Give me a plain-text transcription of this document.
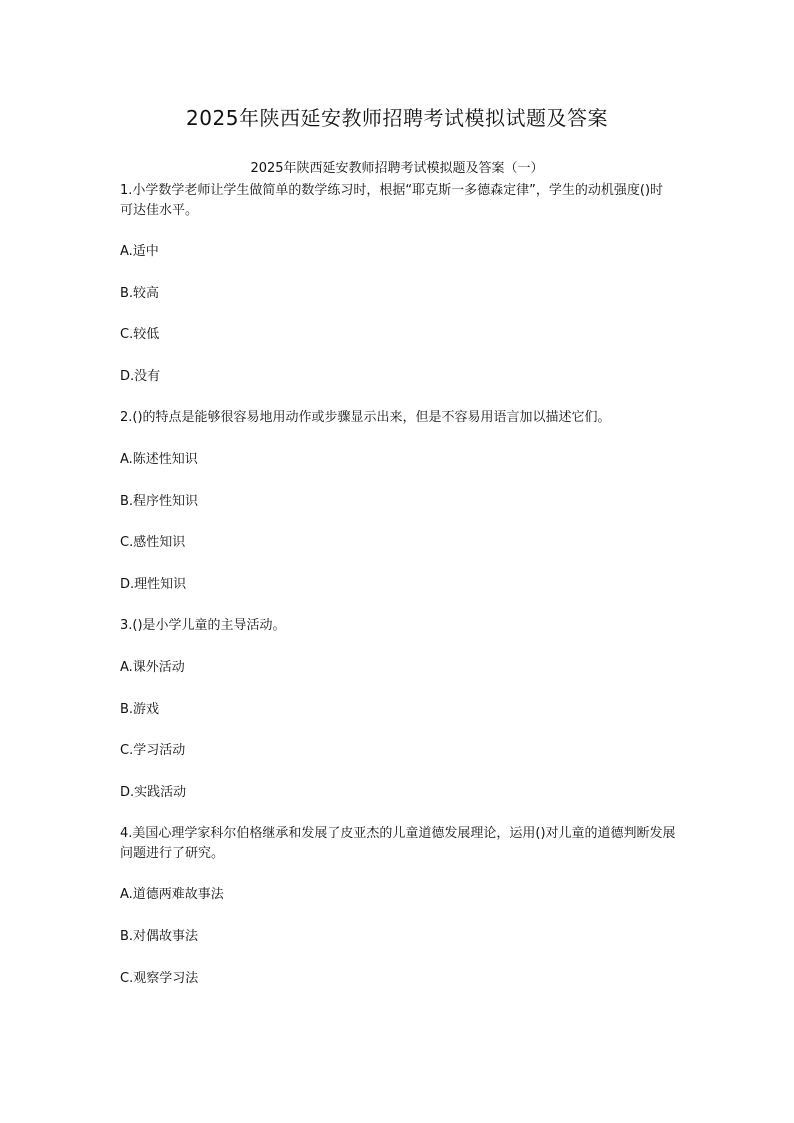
2025年陕西延安教师招聘考试模拟试题及答案
2025年陕西延安教师招聘考试模拟题及答案（一）

1.小学数学老师让学生做简单的数学练习时，根据“耶克斯一多德森定律”，学生的动机强度()时可达佳水平。

A.适中

B.较高

C.较低

D.没有

2.()的特点是能够很容易地用动作或步骤显示出来，但是不容易用语言加以描述它们。

A.陈述性知识

B.程序性知识

C.感性知识

D.理性知识

3.()是小学儿童的主导活动。

A.课外活动

B.游戏

C.学习活动

D.实践活动

4.美国心理学家科尔伯格继承和发展了皮亚杰的儿童道德发展理论，运用()对儿童的道德判断发展问题进行了研究。

A.道德两难故事法

B.对偶故事法

C.观察学习法
